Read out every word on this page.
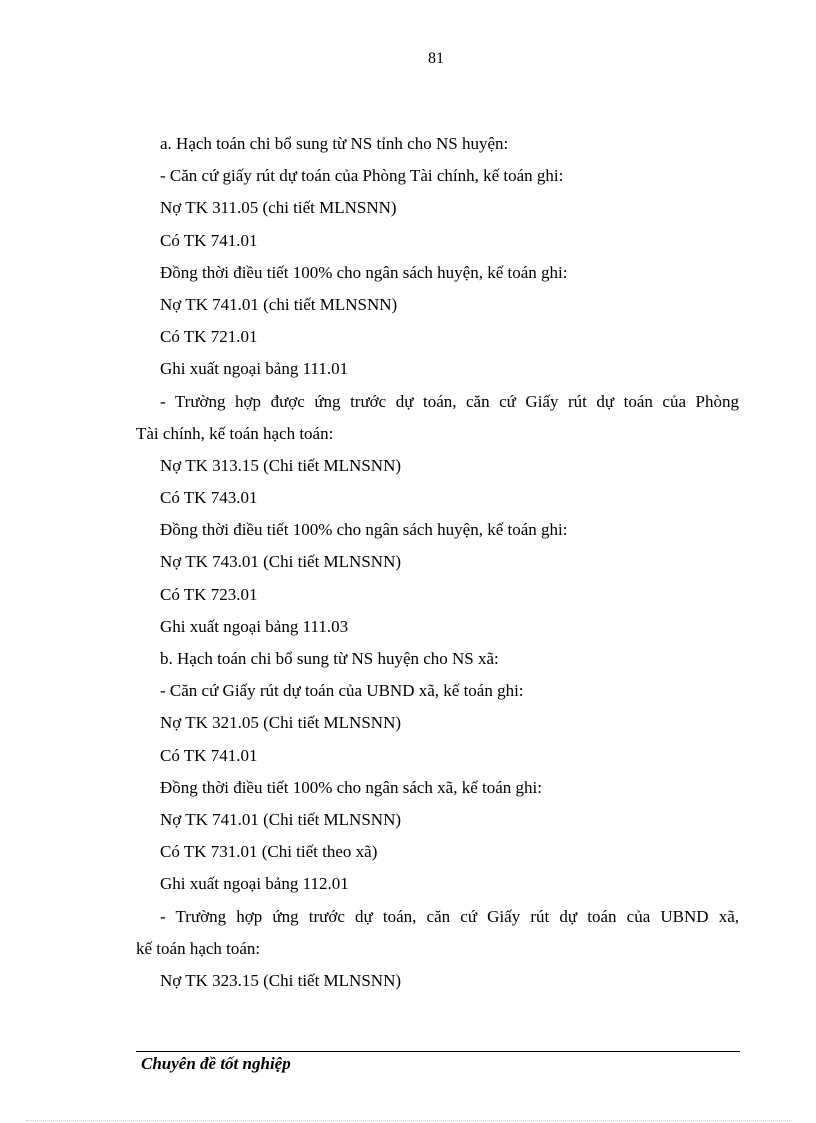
81
a. Hạch toán chi bổ sung từ NS tỉnh cho NS huyện:
- Căn cứ giấy rút dự toán của Phòng Tài chính, kế toán ghi:
Nợ TK 311.05 (chi tiết MLNSNN)
Có TK 741.01
Đồng thời điều tiết 100% cho ngân sách huyện, kế toán ghi:
Nợ TK 741.01 (chi tiết MLNSNN)
Có TK 721.01
Ghi xuất ngoại bảng 111.01
- Trường hợp được ứng trước dự toán, căn cứ Giấy rút dự toán của Phòng
Tài chính, kế toán hạch toán:
Nợ TK 313.15 (Chi tiết MLNSNN)
Có TK 743.01
Đồng thời điều tiết 100% cho ngân sách huyện, kế toán ghi:
Nợ TK 743.01 (Chi tiết MLNSNN)
Có TK 723.01
Ghi xuất ngoại bảng 111.03
b. Hạch toán chi bổ sung từ NS huyện cho NS xã:
- Căn cứ Giấy rút dự toán của UBND xã, kế toán ghi:
Nợ TK 321.05 (Chi tiết MLNSNN)
Có TK 741.01
Đồng thời điều tiết 100% cho ngân sách xã, kế toán ghi:
Nợ TK 741.01 (Chi tiết MLNSNN)
Có TK 731.01 (Chi tiết theo xã)
Ghi xuất ngoại bảng 112.01
- Trường hợp ứng trước dự toán, căn cứ Giấy rút dự toán của UBND xã,
kế toán hạch toán:
Nợ TK 323.15 (Chi tiết MLNSNN)
Chuyên đề tốt nghiệp
